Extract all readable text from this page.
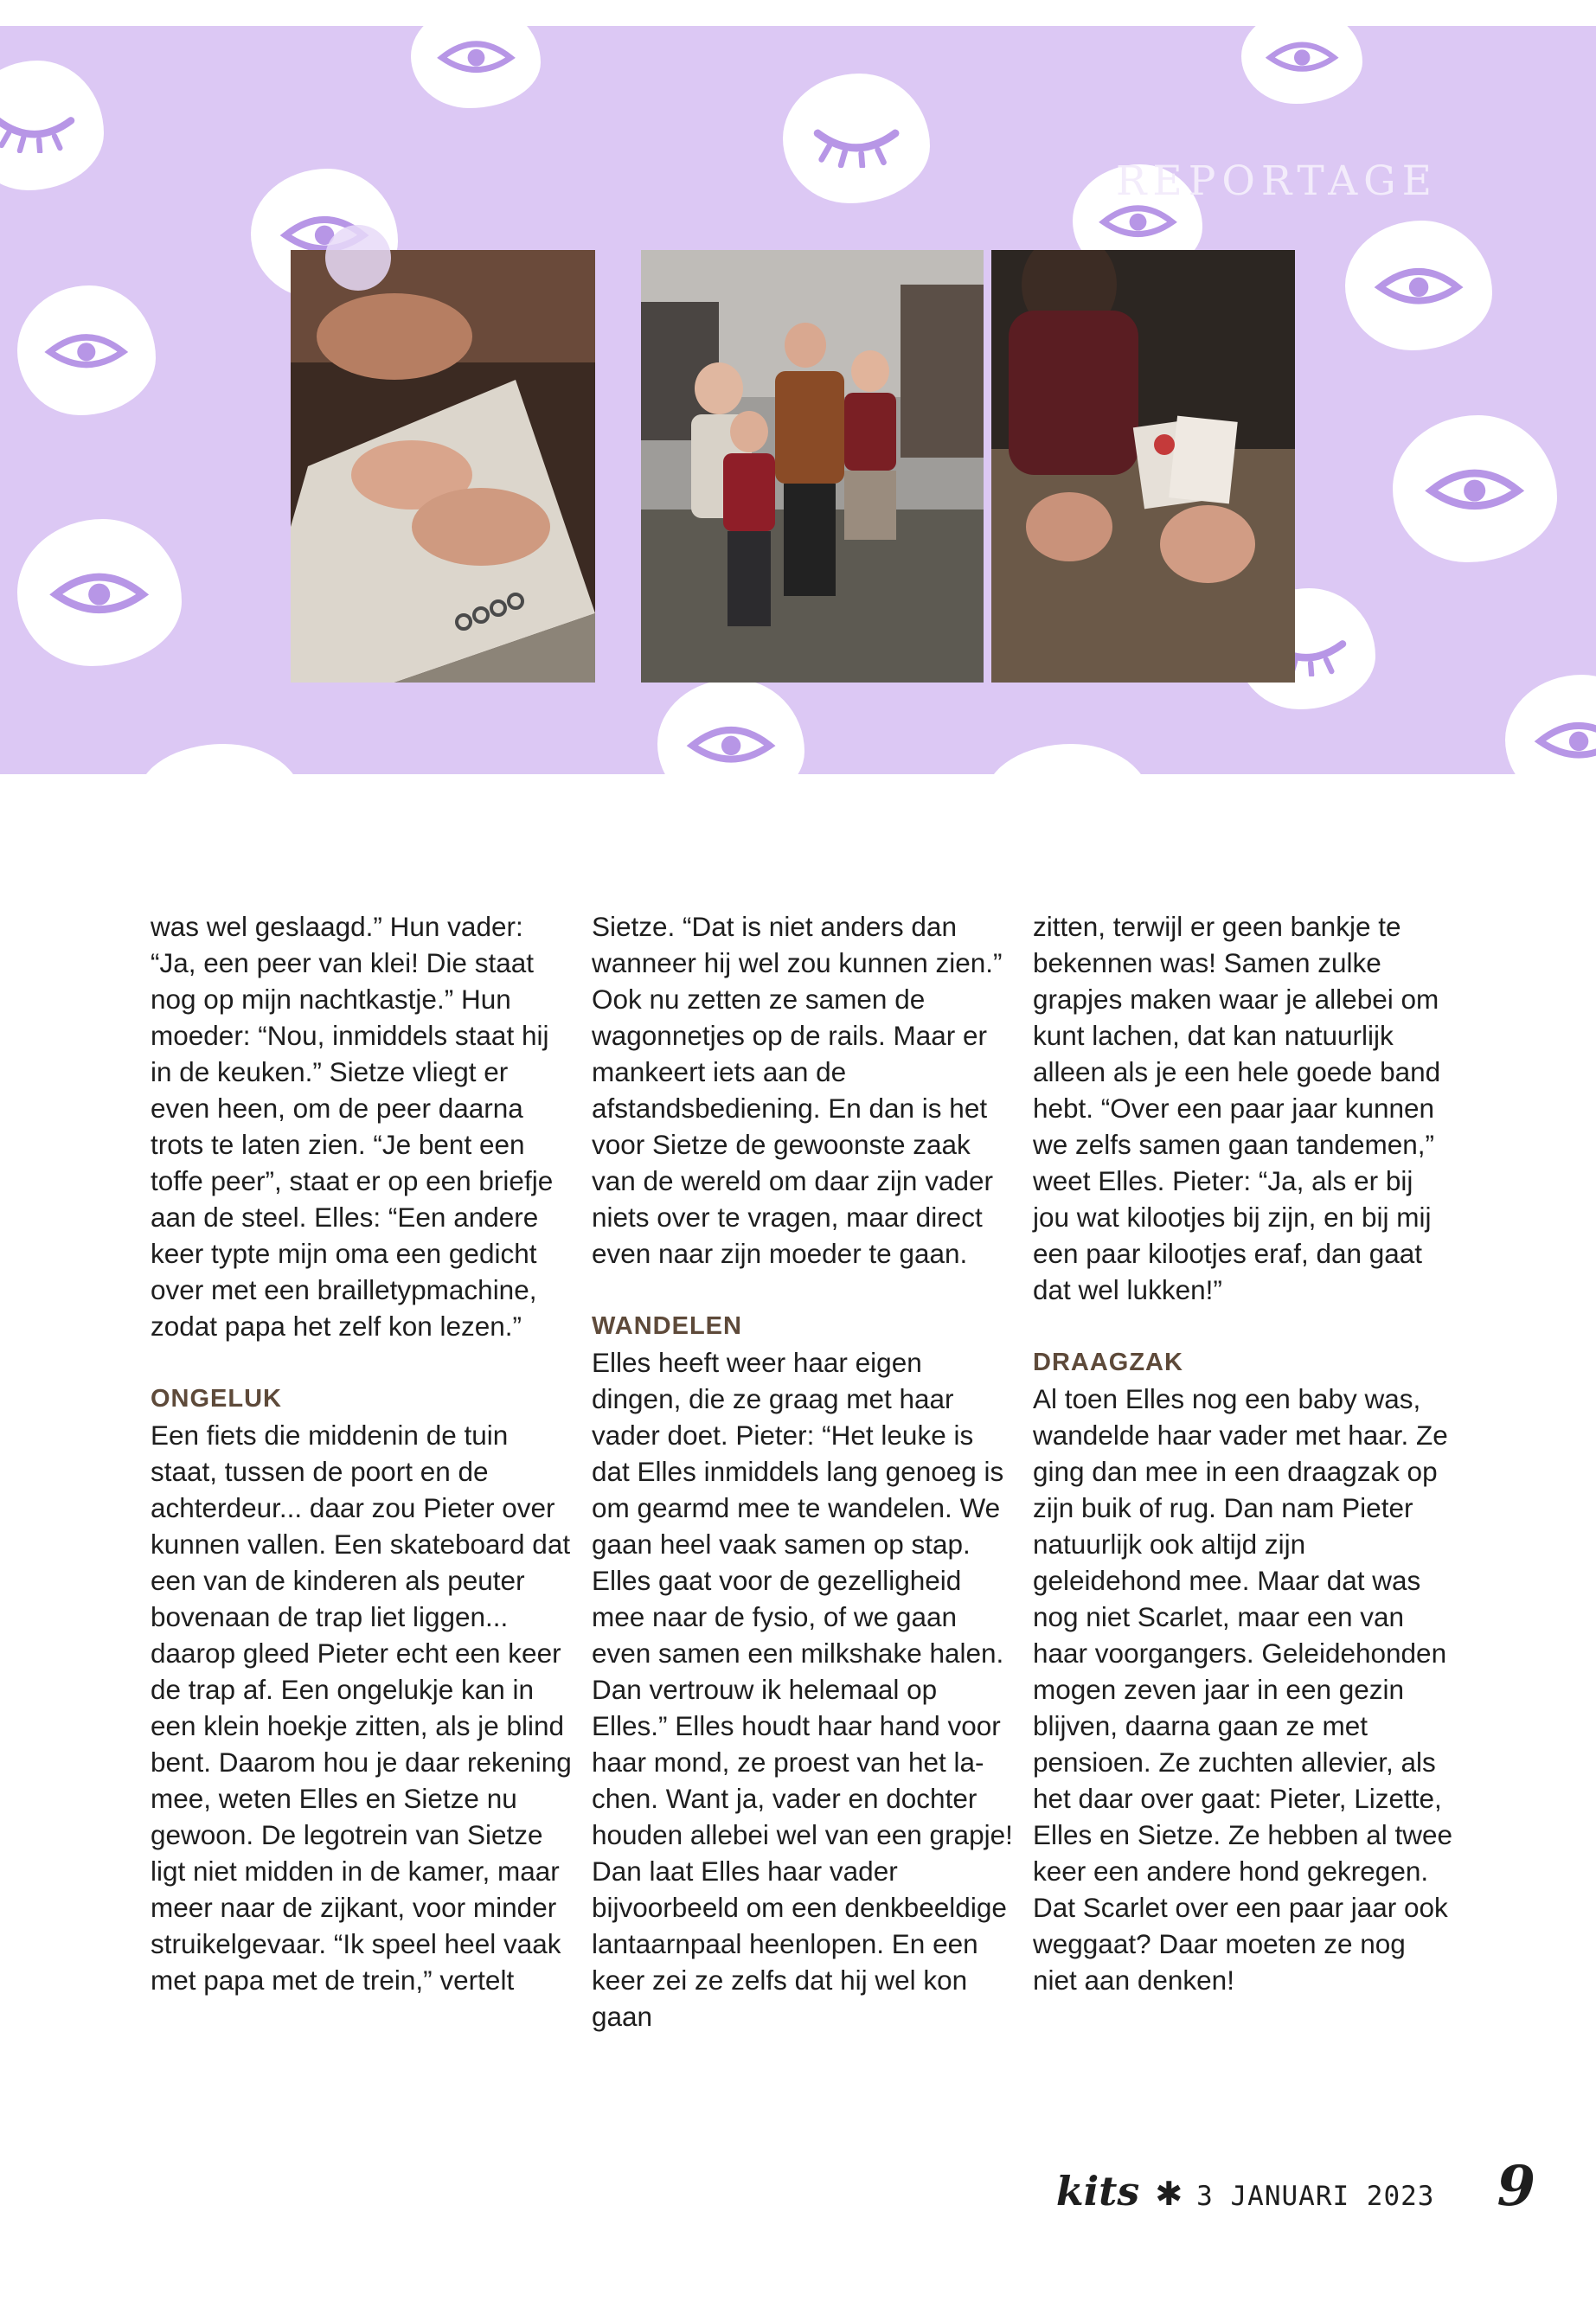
REPORTAGE

was wel geslaagd.” Hun vader: “Ja, een peer van klei! Die staat nog op mijn nachtkastje.” Hun moeder: “Nou, inmiddels staat hij in de keuken.” Sietze vliegt er even heen, om de peer daarna trots te laten zien. “Je bent een toffe peer”, staat er op een briefje aan de steel. Elles: “Een andere keer typte mijn oma een gedicht over met een brailletypmachine, zodat papa het zelf kon lezen.”

ONGELUK

Een fiets die middenin de tuin staat, tussen de poort en de achterdeur... daar zou Pieter over kunnen vallen. Een skateboard dat een van de kinderen als peuter bovenaan de trap liet liggen... daarop gleed Pieter echt een keer de trap af. Een ongelukje kan in een klein hoekje zitten, als je blind bent. Daarom hou je daar rekening mee, weten Elles en Sietze nu gewoon. De legotrein van Sietze ligt niet midden in de kamer, maar meer naar de zijkant, voor minder struikelgevaar. “Ik speel heel vaak met papa met de trein,” vertelt

Sietze. “Dat is niet anders dan wanneer hij wel zou kunnen zien.” Ook nu zetten ze samen de wagonnetjes op de rails. Maar er mankeert iets aan de afstandsbediening. En dan is het voor Sietze de gewoonste zaak van de wereld om daar zijn vader niets over te vragen, maar direct even naar zijn moeder te gaan.

WANDELEN

Elles heeft weer haar eigen dingen, die ze graag met haar vader doet. Pieter: “Het leuke is dat Elles inmiddels lang genoeg is om gearmd mee te wandelen. We gaan heel vaak samen op stap. Elles gaat voor de gezelligheid mee naar de fysio, of we gaan even samen een milkshake halen. Dan vertrouw ik helemaal op Elles.” Elles houdt haar hand voor haar mond, ze proest van het lachen. Want ja, vader en dochter houden allebei wel van een grapje! Dan laat Elles haar vader bijvoorbeeld om een denkbeeldige lantaarnpaal heenlopen. En een keer zei ze zelfs dat hij wel kon gaan

zitten, terwijl er geen bankje te bekennen was! Samen zulke grapjes maken waar je allebei om kunt lachen, dat kan natuurlijk alleen als je een hele goede band hebt. “Over een paar jaar kunnen we zelfs samen gaan tandemen,” weet Elles. Pieter: “Ja, als er bij jou wat kilootjes bij zijn, en bij mij een paar kilootjes eraf, dan gaat dat wel lukken!”

DRAAGZAK

Al toen Elles nog een baby was, wandelde haar vader met haar. Ze ging dan mee in een draagzak op zijn buik of rug. Dan nam Pieter natuurlijk ook altijd zijn geleidehond mee. Maar dat was nog niet Scarlet, maar een van haar voorgangers. Geleidehonden mogen zeven jaar in een gezin blijven, daarna gaan ze met pensioen. Ze zuchten allevier, als het daar over gaat: Pieter, Lizette, Elles en Sietze. Ze hebben al twee keer een andere hond gekregen. Dat Scarlet over een paar jaar ook weggaat? Daar moeten ze nog niet aan denken!

kits ✱ 3 JANUARI 2023 9
